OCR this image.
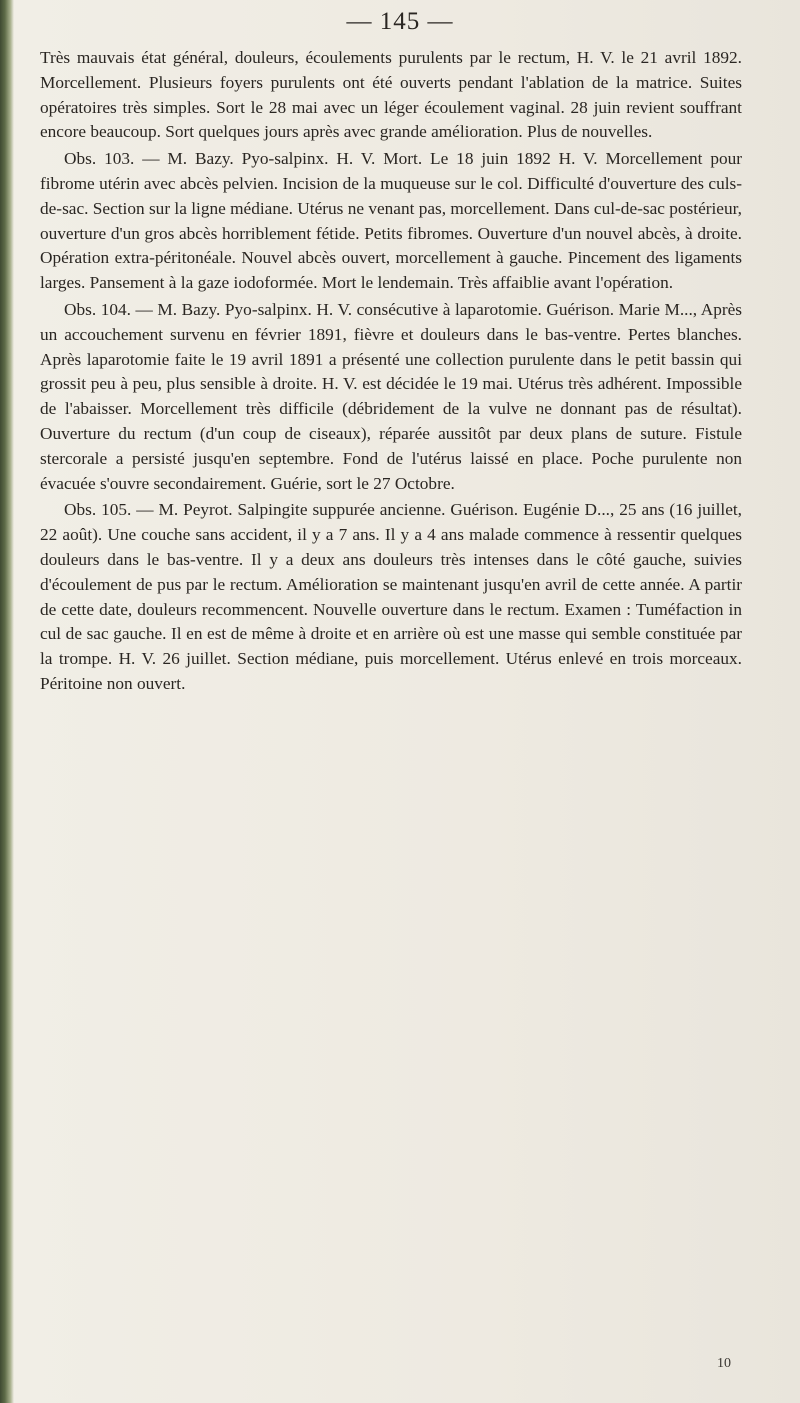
— 145 —

Très mauvais état général, douleurs, écoulements purulents par le rectum, H. V. le 21 avril 1892. Morcellement. Plusieurs foyers purulents ont été ouverts pendant l'ablation de la matrice. Suites opératoires très simples. Sort le 28 mai avec un léger écoulement vaginal. 28 juin revient souffrant encore beaucoup. Sort quelques jours après avec grande amélioration. Plus de nouvelles.

Obs. 103. — M. Bazy. Pyo-salpinx. H. V. Mort. Le 18 juin 1892 H. V. Morcellement pour fibrome utérin avec abcès pelvien. Incision de la muqueuse sur le col. Difficulté d'ouverture des culs-de-sac. Section sur la ligne médiane. Utérus ne venant pas, morcellement. Dans cul-de-sac postérieur, ouverture d'un gros abcès horriblement fétide. Petits fibromes. Ouverture d'un nouvel abcès, à droite. Opération extra-péritonéale. Nouvel abcès ouvert, morcellement à gauche. Pincement des ligaments larges. Pansement à la gaze iodoformée. Mort le lendemain. Très affaiblie avant l'opération.

Obs. 104. — M. Bazy. Pyo-salpinx. H. V. consécutive à laparotomie. Guérison. Marie M..., Après un accouchement survenu en février 1891, fièvre et douleurs dans le bas-ventre. Pertes blanches. Après laparotomie faite le 19 avril 1891 a présenté une collection purulente dans le petit bassin qui grossit peu à peu, plus sensible à droite. H. V. est décidée le 19 mai. Utérus très adhérent. Impossible de l'abaisser. Morcellement très difficile (débridement de la vulve ne donnant pas de résultat). Ouverture du rectum (d'un coup de ciseaux), réparée aussitôt par deux plans de suture. Fistule stercorale a persisté jusqu'en septembre. Fond de l'utérus laissé en place. Poche purulente non évacuée s'ouvre secondairement. Guérie, sort le 27 Octobre.

Obs. 105. — M. Peyrot. Salpingite suppurée ancienne. Guérison. Eugénie D..., 25 ans (16 juillet, 22 août). Une couche sans accident, il y a 7 ans. Il y a 4 ans malade commence à ressentir quelques douleurs dans le bas-ventre. Il y a deux ans douleurs très intenses dans le côté gauche, suivies d'écoulement de pus par le rectum. Amélioration se maintenant jusqu'en avril de cette année. A partir de cette date, douleurs recommencent. Nouvelle ouverture dans le rectum. Examen : Tuméfaction in cul de sac gauche. Il en est de même à droite et en arrière où est une masse qui semble constituée par la trompe. H. V. 26 juillet. Section médiane, puis morcellement. Utérus enlevé en trois morceaux. Péritoine non ouvert.

10
